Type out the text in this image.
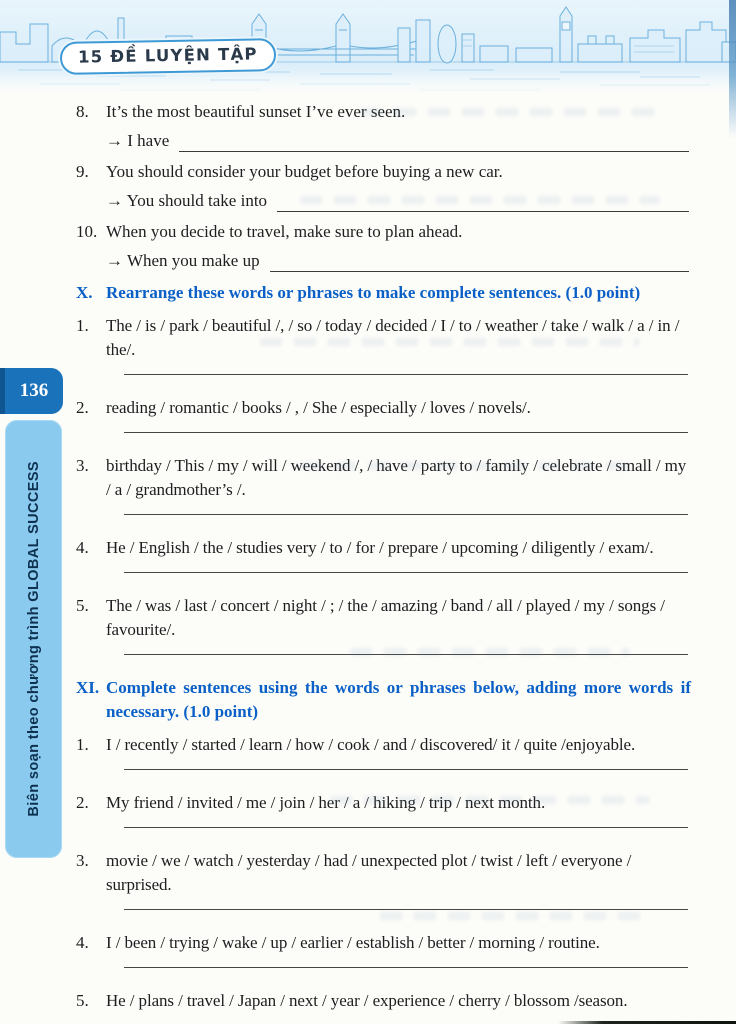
15 ĐỀ LUYỆN TẬP
136
Biên soạn theo chương trình GLOBAL SUCCESS
8.	It’s the most beautiful sunset I’ve ever seen.
→ I have
9.	You should consider your budget before buying a new car.
→ You should take into
10. When you decide to travel, make sure to plan ahead.
→ When you make up
X. Rearrange these words or phrases to make complete sentences. (1.0 point)
1.	The / is / park / beautiful /, / so / today / decided / I / to / weather / take / walk / a / in / the/.
2.	reading / romantic / books / , / She / especially / loves / novels/.
3.	birthday / This / my / will / weekend /, / have / party to / family / celebrate / small / my / a / grandmother’s /.
4.	He / English / the / studies very / to / for / prepare / upcoming / diligently / exam/.
5.	The / was / last / concert / night / ; / the / amazing / band / all / played / my / songs / favourite/.
XI. Complete sentences using the words or phrases below, adding more words if necessary. (1.0 point)
1.	I / recently / started / learn / how / cook / and / discovered/ it / quite /enjoyable.
2.	My friend / invited / me / join / her / a / hiking / trip / next month.
3.	movie / we / watch / yesterday / had / unexpected plot / twist / left / everyone / surprised.
4.	I / been / trying / wake / up / earlier / establish / better / morning / routine.
5.	He / plans / travel / Japan / next / year / experience / cherry / blossom /season.
